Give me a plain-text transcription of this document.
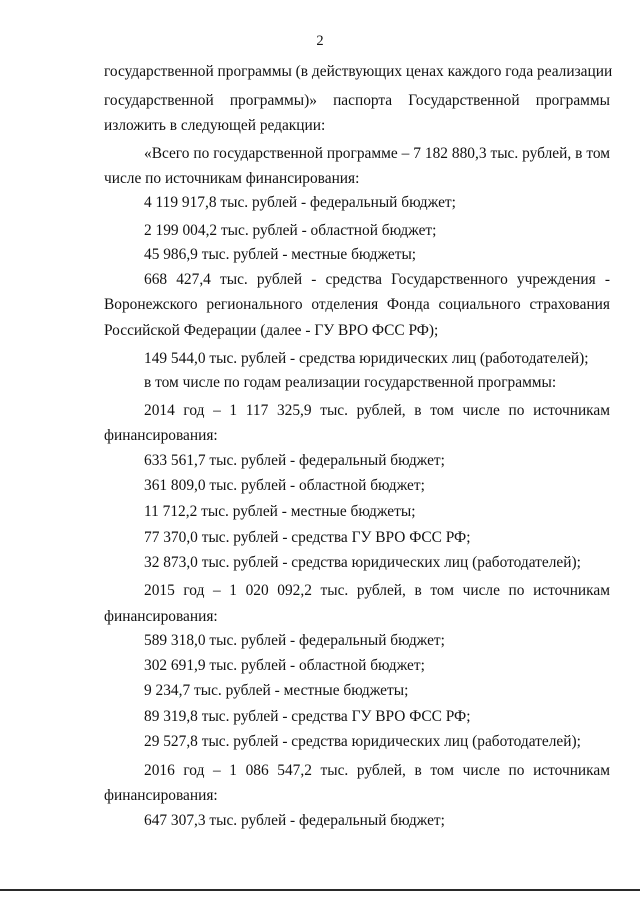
2
государственной программы (в действующих ценах каждого года реализации
государственной программы)» паспорта Государственной программы
изложить в следующей редакции:
«Всего по государственной программе – 7 182 880,3 тыс. рублей, в том
числе по источникам финансирования:
4 119 917,8 тыс. рублей - федеральный бюджет;
2 199 004,2 тыс. рублей - областной бюджет;
45 986,9 тыс. рублей - местные бюджеты;
668 427,4 тыс. рублей - средства Государственного учреждения -
Воронежского регионального отделения Фонда социального страхования
Российской Федерации (далее - ГУ ВРО ФСС РФ);
149 544,0 тыс. рублей - средства юридических лиц (работодателей);
в том числе по годам реализации государственной программы:
2014 год – 1 117 325,9 тыс. рублей, в том числе по источникам
финансирования:
633 561,7 тыс. рублей - федеральный бюджет;
361 809,0 тыс. рублей - областной бюджет;
11 712,2 тыс. рублей - местные бюджеты;
77 370,0 тыс. рублей - средства ГУ ВРО ФСС РФ;
32 873,0 тыс. рублей - средства юридических лиц (работодателей);
2015 год – 1 020 092,2 тыс. рублей, в том числе по источникам
финансирования:
589 318,0 тыс. рублей - федеральный бюджет;
302 691,9 тыс. рублей - областной бюджет;
9 234,7 тыс. рублей - местные бюджеты;
89 319,8 тыс. рублей - средства ГУ ВРО ФСС РФ;
29 527,8 тыс. рублей - средства юридических лиц (работодателей);
2016 год – 1 086 547,2 тыс. рублей, в том числе по источникам
финансирования:
647 307,3 тыс. рублей - федеральный бюджет;
